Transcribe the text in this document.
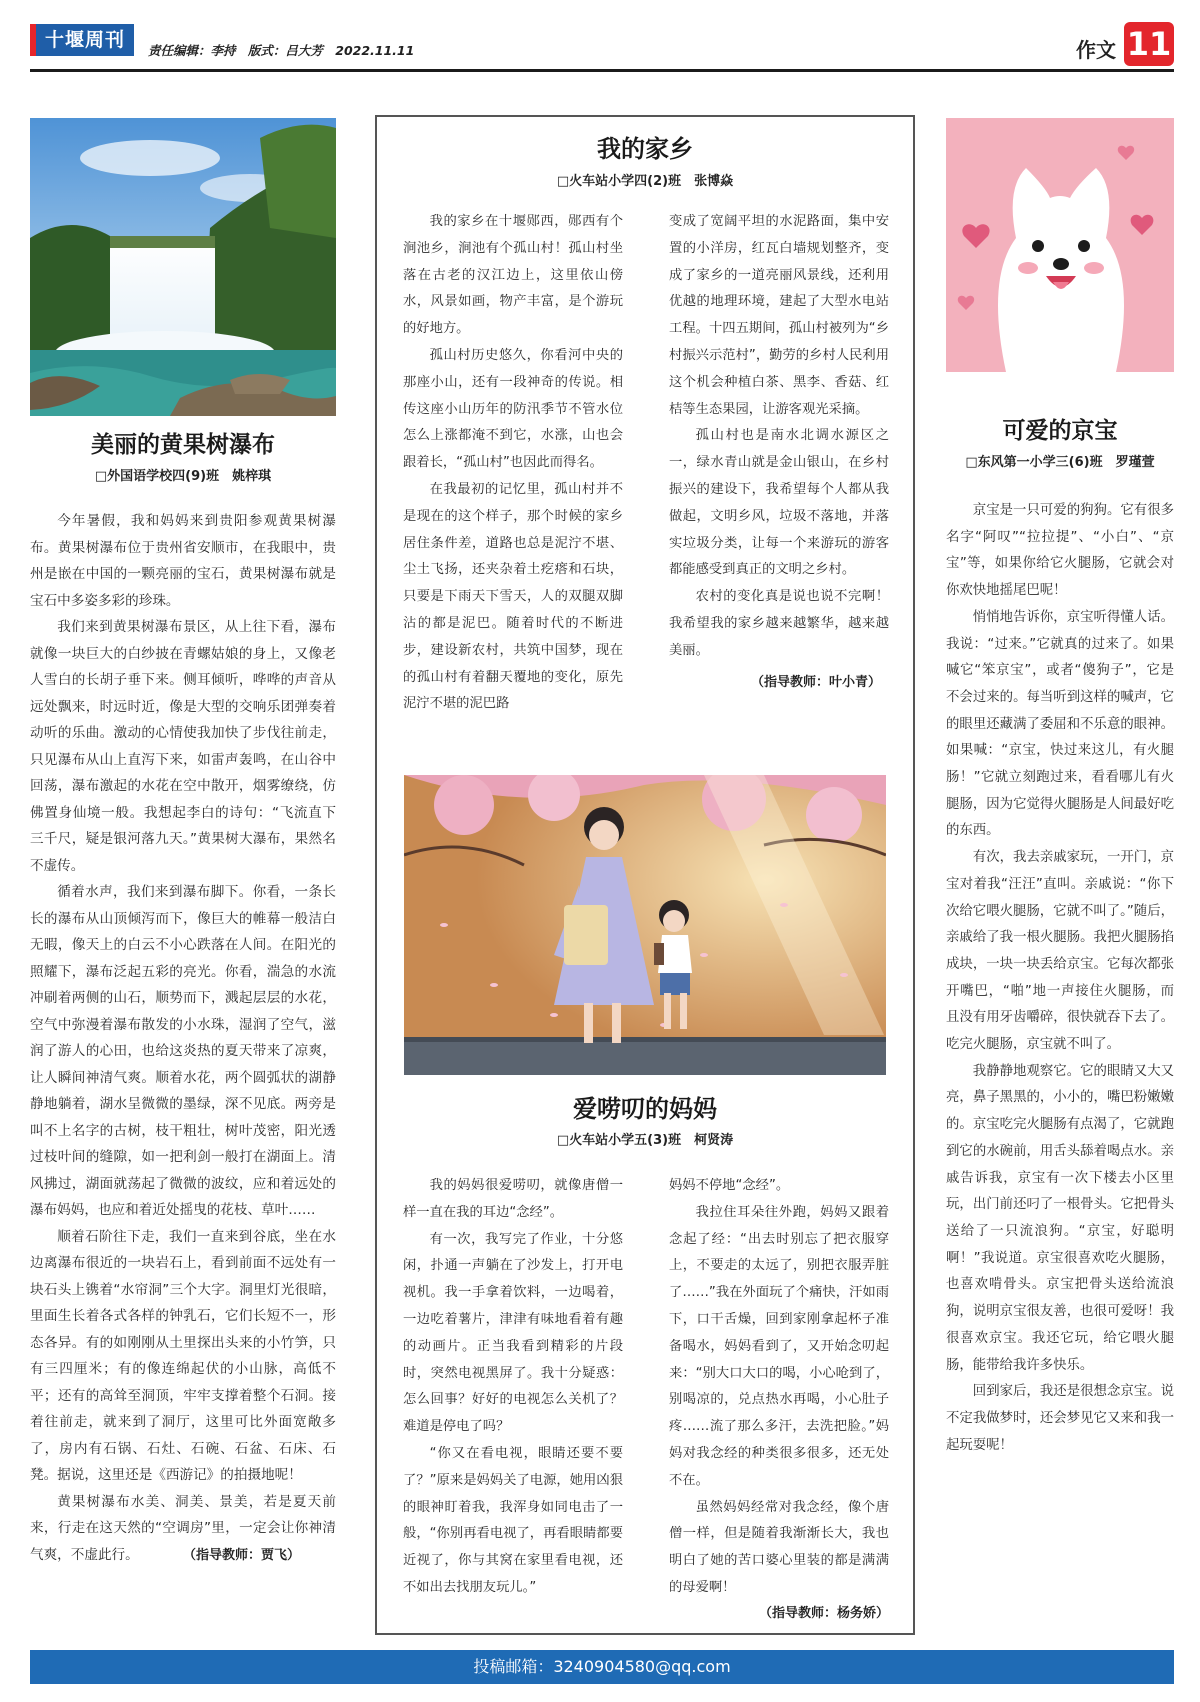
十堰周刊	责任编辑：李持 版式：吕大芳 2022.11.11	作文 11
美丽的黄果树瀑布
□外国语学校四(9)班　姚梓琪

今年暑假，我和妈妈来到贵阳参观黄果树瀑布。黄果树瀑布位于贵州省安顺市，在我眼中，贵州是嵌在中国的一颗亮丽的宝石，黄果树瀑布就是宝石中多姿多彩的珍珠。

我们来到黄果树瀑布景区，从上往下看，瀑布就像一块巨大的白纱披在青螺姑娘的身上，又像老人雪白的长胡子垂下来。侧耳倾听，哗哗的声音从远处飘来，时远时近，像是大型的交响乐团弹奏着动听的乐曲。激动的心情使我加快了步伐往前走，只见瀑布从山上直泻下来，如雷声轰鸣，在山谷中回荡，瀑布激起的水花在空中散开，烟雾缭绕，仿佛置身仙境一般。我想起李白的诗句：“飞流直下三千尺，疑是银河落九天。”黄果树大瀑布，果然名不虚传。

循着水声，我们来到瀑布脚下。你看，一条长长的瀑布从山顶倾泻而下，像巨大的帷幕一般洁白无暇，像天上的白云不小心跌落在人间。在阳光的照耀下，瀑布泛起五彩的亮光。你看，湍急的水流冲刷着两侧的山石，顺势而下，溅起层层的水花，空气中弥漫着瀑布散发的小水珠，湿润了空气，滋润了游人的心田，也给这炎热的夏天带来了凉爽，让人瞬间神清气爽。顺着水花，两个圆弧状的湖静静地躺着，湖水呈微微的墨绿，深不见底。两旁是叫不上名字的古树，枝干粗壮，树叶茂密，阳光透过枝叶间的缝隙，如一把利剑一般打在湖面上。清风拂过，湖面就荡起了微微的波纹，应和着远处的瀑布妈妈，也应和着近处摇曳的花枝、草叶……

顺着石阶往下走，我们一直来到谷底，坐在水边离瀑布很近的一块岩石上，看到前面不远处有一块石头上镌着“水帘洞”三个大字。洞里灯光很暗，里面生长着各式各样的钟乳石，它们长短不一，形态各异。有的如刚刚从土里探出头来的小竹笋，只有三四厘米；有的像连绵起伏的小山脉，高低不平；还有的高耸至洞顶，牢牢支撑着整个石洞。接着往前走，就来到了洞厅，这里可比外面宽敞多了，房内有石锅、石灶、石碗、石盆、石床、石凳。据说，这里还是《西游记》的拍摄地呢！

黄果树瀑布水美、洞美、景美，若是夏天前来，行走在这天然的“空调房”里，一定会让你神清气爽，不虚此行。	（指导教师：贾飞）
我的家乡
□火车站小学四(2)班　张博焱

我的家乡在十堰郧西，郧西有个涧池乡，涧池有个孤山村！孤山村坐落在古老的汉江边上，这里依山傍水，风景如画，物产丰富，是个游玩的好地方。

孤山村历史悠久，你看河中央的那座小山，还有一段神奇的传说。相传这座小山历年的防汛季节不管水位怎么上涨都淹不到它，水涨，山也会跟着长，“孤山村”也因此而得名。

在我最初的记忆里，孤山村并不是现在的这个样子，那个时候的家乡居住条件差，道路也总是泥泞不堪、尘土飞扬，还夹杂着土疙瘩和石块，只要是下雨天下雪天，人的双腿双脚沾的都是泥巴。随着时代的不断进步，建设新农村，共筑中国梦，现在的孤山村有着翻天覆地的变化，原先泥泞不堪的泥巴路

变成了宽阔平坦的水泥路面，集中安置的小洋房，红瓦白墙规划整齐，变成了家乡的一道亮丽风景线，还利用优越的地理环境，建起了大型水电站工程。十四五期间，孤山村被列为“乡村振兴示范村”，勤劳的乡村人民利用这个机会种植白茶、黑李、香菇、红桔等生态果园，让游客观光采摘。

孤山村也是南水北调水源区之一，绿水青山就是金山银山，在乡村振兴的建设下，我希望每个人都从我做起，文明乡风，垃圾不落地，并落实垃圾分类，让每一个来游玩的游客都能感受到真正的文明之乡村。

农村的变化真是说也说不完啊！我希望我的家乡越来越繁华，越来越美丽。

（指导教师：叶小青）
爱唠叨的妈妈
□火车站小学五(3)班　柯贤涛

我的妈妈很爱唠叨，就像唐僧一样一直在我的耳边“念经”。

有一次，我写完了作业，十分悠闲，扑通一声躺在了沙发上，打开电视机。我一手拿着饮料，一边喝着，一边吃着薯片，津津有味地看着有趣的动画片。正当我看到精彩的片段时，突然电视黑屏了。我十分疑惑：怎么回事？好好的电视怎么关机了？难道是停电了吗？

“你又在看电视，眼睛还要不要了？”原来是妈妈关了电源，她用凶狠的眼神盯着我，我浑身如同电击了一般，“你别再看电视了，再看眼睛都要近视了，你与其窝在家里看电视，还不如出去找朋友玩儿。”

妈妈不停地“念经”。

我拉住耳朵往外跑，妈妈又跟着念起了经：“出去时别忘了把衣服穿上，不要走的太远了，别把衣服弄脏了……”我在外面玩了个痛快，汗如雨下，口干舌燥，回到家刚拿起杯子准备喝水，妈妈看到了，又开始念叨起来：“别大口大口的喝，小心呛到了，别喝凉的，兑点热水再喝，小心肚子疼……流了那么多汗，去洗把脸。”妈妈对我念经的种类很多很多，还无处不在。

虽然妈妈经常对我念经，像个唐僧一样，但是随着我渐渐长大，我也明白了她的苦口婆心里装的都是满满的母爱啊！

（指导教师：杨务娇）
可爱的京宝
□东风第一小学三(6)班　罗瑾萱

京宝是一只可爱的狗狗。它有很多名字“阿叹”“拉拉提”、“小白”、“京宝”等，如果你给它火腿肠，它就会对你欢快地摇尾巴呢！

悄悄地告诉你，京宝听得懂人话。我说：“过来。”它就真的过来了。如果喊它“笨京宝”，或者“傻狗子”，它是不会过来的。每当听到这样的喊声，它的眼里还藏满了委屈和不乐意的眼神。如果喊：“京宝，快过来这儿，有火腿肠！”它就立刻跑过来，看看哪儿有火腿肠，因为它觉得火腿肠是人间最好吃的东西。

有次，我去亲戚家玩，一开门，京宝对着我“汪汪”直叫。亲戚说：“你下次给它喂火腿肠，它就不叫了。”随后，亲戚给了我一根火腿肠。我把火腿肠掐成块，一块一块丢给京宝。它每次都张开嘴巴，“啪”地一声接住火腿肠，而且没有用牙齿嚼碎，很快就吞下去了。吃完火腿肠，京宝就不叫了。

我静静地观察它。它的眼睛又大又亮，鼻子黑黑的，小小的，嘴巴粉嫩嫩的。京宝吃完火腿肠有点渴了，它就跑到它的水碗前，用舌头舔着喝点水。亲戚告诉我，京宝有一次下楼去小区里玩，出门前还叼了一根骨头。它把骨头送给了一只流浪狗。“京宝，好聪明啊！”我说道。京宝很喜欢吃火腿肠，也喜欢啃骨头。京宝把骨头送给流浪狗，说明京宝很友善，也很可爱呀！我很喜欢京宝。我还它玩，给它喂火腿肠，能带给我许多快乐。

回到家后，我还是很想念京宝。说不定我做梦时，还会梦见它又来和我一起玩耍呢！

投稿邮箱：3240904580@qq.com
